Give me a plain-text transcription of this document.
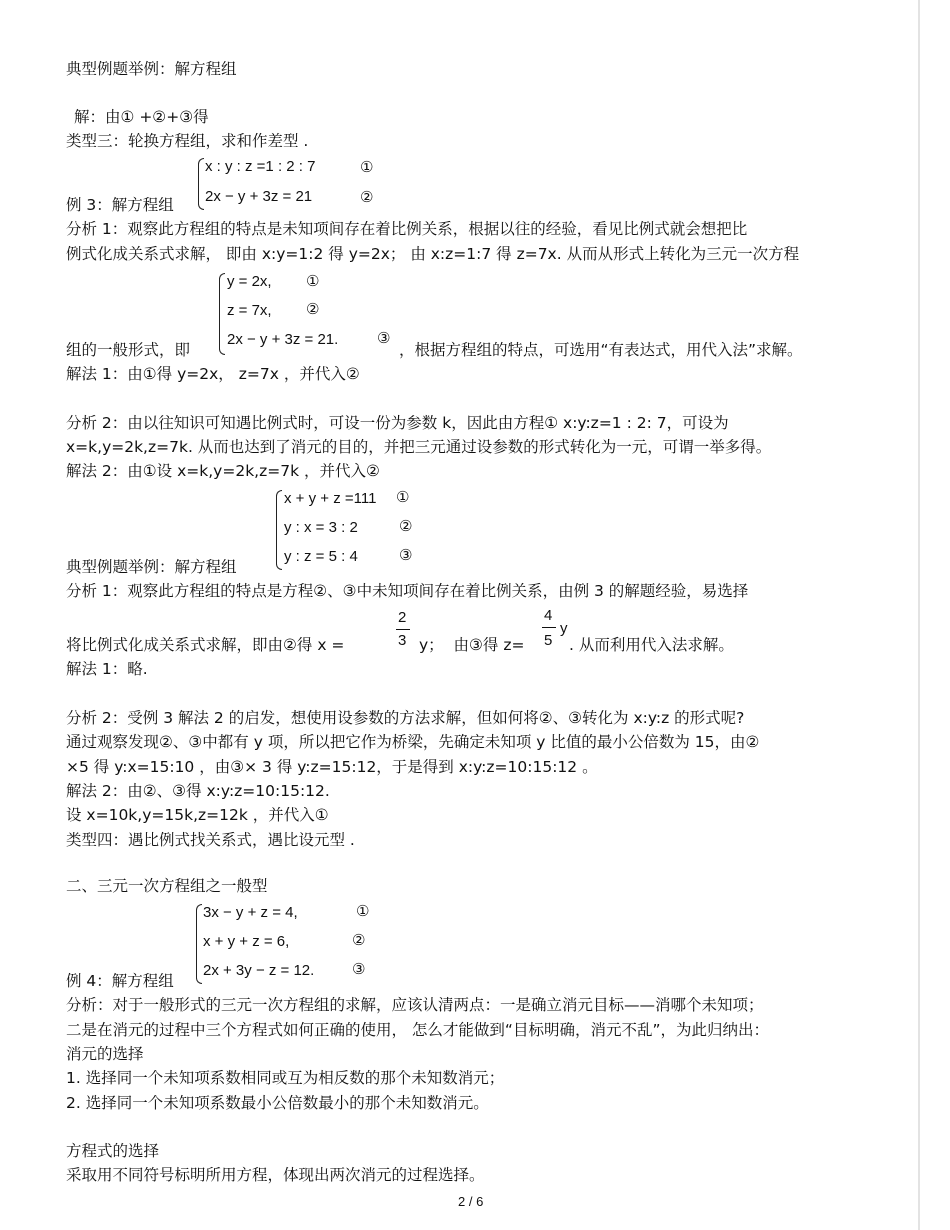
典型例题举例：解方程组
解：由① +②+③得
类型三：轮换方程组，求和作差型 .
x : y : z =1 : 2 : 7	①
2x − y + 3z = 21	②
例 3：解方程组
分析 1：观察此方程组的特点是未知项间存在着比例关系，根据以往的经验，看见比例式就会想把比
例式化成关系式求解， 即由 x:y=1:2 得 y=2x； 由 x:z=1:7 得 z=7x. 从而从形式上转化为三元一次方程
y = 2x, ①
z = 7x, ②
2x − y + 3z = 21.	③
组的一般形式，即	，根据方程组的特点，可选用“有表达式，用代入法”求解。
解法 1：由①得 y=2x， z=7x ，并代入②
分析 2：由以往知识可知遇比例式时，可设一份为参数 k，因此由方程① x:y:z=1 : 2: 7，可设为
x=k,y=2k,z=7k. 从而也达到了消元的目的，并把三元通过设参数的形式转化为一元，可谓一举多得。
解法 2：由①设 x=k,y=2k,z=7k ，并代入②
x + y + z =111 ①
y : x = 3 : 2	②
y : z = 5 : 4	③
典型例题举例：解方程组
分析 1：观察此方程组的特点是方程②、③中未知项间存在着比例关系，由例 3 的解题经验，易选择
2
3
4
5
y
将比例式化成关系式求解，即由②得 x =	y；  由③得 z=	. 从而利用代入法求解。
解法 1：略.
分析 2：受例 3 解法 2 的启发，想使用设参数的方法求解，但如何将②、③转化为 x:y:z 的形式呢?
通过观察发现②、③中都有 y 项，所以把它作为桥梁，先确定未知项 y 比值的最小公倍数为 15，由②
×5 得 y:x=15:10 ，由③× 3 得 y:z=15:12，于是得到 x:y:z=10:15:12 。
解法 2：由②、③得 x:y:z=10:15:12.
设 x=10k,y=15k,z=12k ，并代入①
类型四：遇比例式找关系式，遇比设元型 .
二、三元一次方程组之一般型
3x − y + z = 4,	①
x + y + z = 6,	②
2x + 3y − z = 12.	③
例 4：解方程组
分析：对于一般形式的三元一次方程组的求解，应该认清两点：一是确立消元目标——消哪个未知项；
二是在消元的过程中三个方程式如何正确的使用， 怎么才能做到“目标明确，消元不乱”，为此归纳出：
消元的选择
1. 选择同一个未知项系数相同或互为相反数的那个未知数消元；
2. 选择同一个未知项系数最小公倍数最小的那个未知数消元。
方程式的选择
采取用不同符号标明所用方程，体现出两次消元的过程选择。
2 / 6
